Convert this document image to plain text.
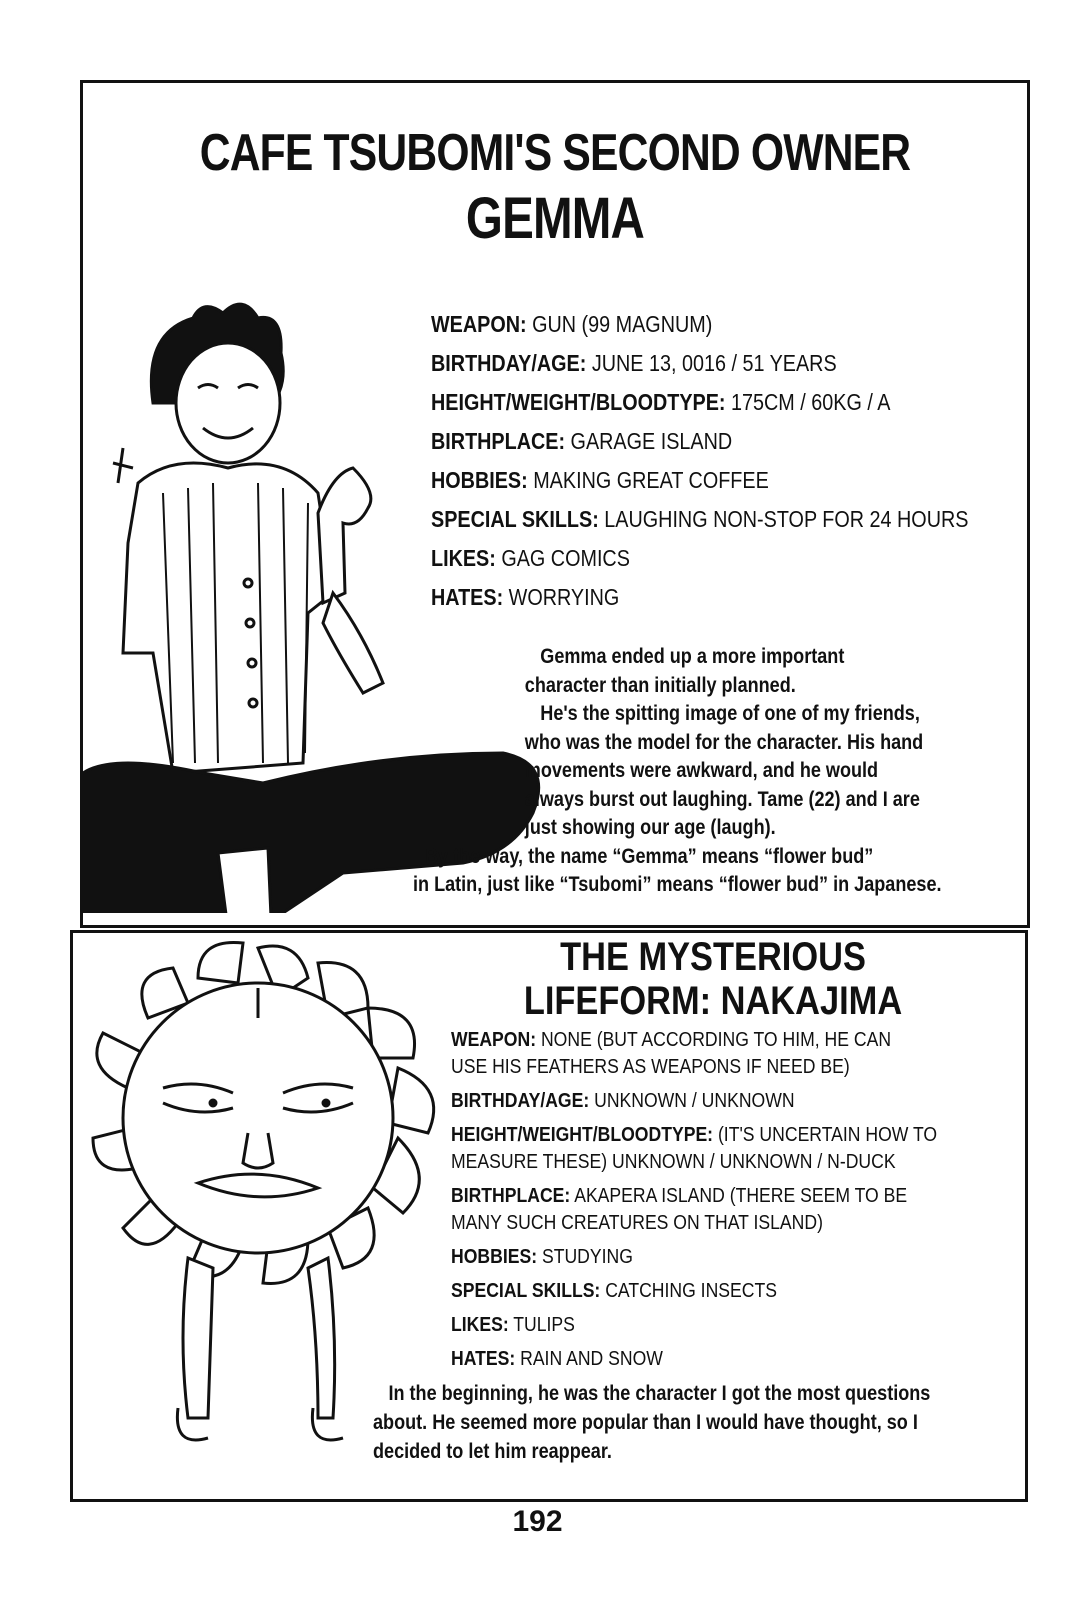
CAFE TSUBOMI'S SECOND OWNER
GEMMA
WEAPON: GUN (99 MAGNUM)
BIRTHDAY/AGE: JUNE 13, 0016 / 51 YEARS
HEIGHT/WEIGHT/BLOODTYPE: 175CM / 60KG / A
BIRTHPLACE: GARAGE ISLAND
HOBBIES: MAKING GREAT COFFEE
SPECIAL SKILLS: LAUGHING NON-STOP FOR 24 HOURS
LIKES: GAG COMICS
HATES: WORRYING

Gemma ended up a more important

character than initially planned.

He's the spitting image of one of my friends,

who was the model for the character. His hand

movements were awkward, and he would

always burst out laughing. Tame (22) and I are

just showing our age (laugh).

By the way, the name “Gemma” means “flower bud”

in Latin, just like “Tsubomi” means “flower bud” in Japanese.

THE MYSTERIOUS
LIFEFORM: NAKAJIMA
WEAPON: NONE (BUT ACCORDING TO HIM, HE CAN
USE HIS FEATHERS AS WEAPONS IF NEED BE)
BIRTHDAY/AGE: UNKNOWN / UNKNOWN
HEIGHT/WEIGHT/BLOODTYPE: (IT'S UNCERTAIN HOW TO
MEASURE THESE) UNKNOWN / UNKNOWN / N-DUCK
BIRTHPLACE: AKAPERA ISLAND (THERE SEEM TO BE
MANY SUCH CREATURES ON THAT ISLAND)
HOBBIES: STUDYING
SPECIAL SKILLS: CATCHING INSECTS
LIKES: TULIPS
HATES: RAIN AND SNOW

In the beginning, he was the character I got the most questions

about. He seemed more popular than I would have thought, so I

decided to let him reappear.

192
